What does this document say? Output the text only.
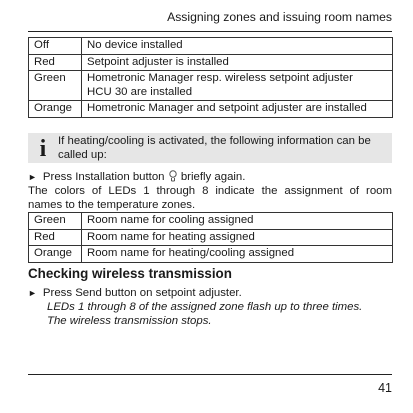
Assigning zones and issuing room names
Off	No device installed
Red	Setpoint adjuster is installed
Green	Hometronic Manager resp. wireless setpoint adjuster
HCU 30 are installed
Orange	Hometronic Manager and setpoint adjuster are installed
i	If heating/cooling is activated, the following information can be
called up:
► Press Installation button briefly again.
The colors of LEDs 1 through 8 indicate the assignment of room
names to the temperature zones.
Green	Room name for cooling assigned
Red	Room name for heating assigned
Orange	Room name for heating/cooling assigned
Checking wireless transmission
► Press Send button on setpoint adjuster.
LEDs 1 through 8 of the assigned zone flash up to three times.
The wireless transmission stops.
41
